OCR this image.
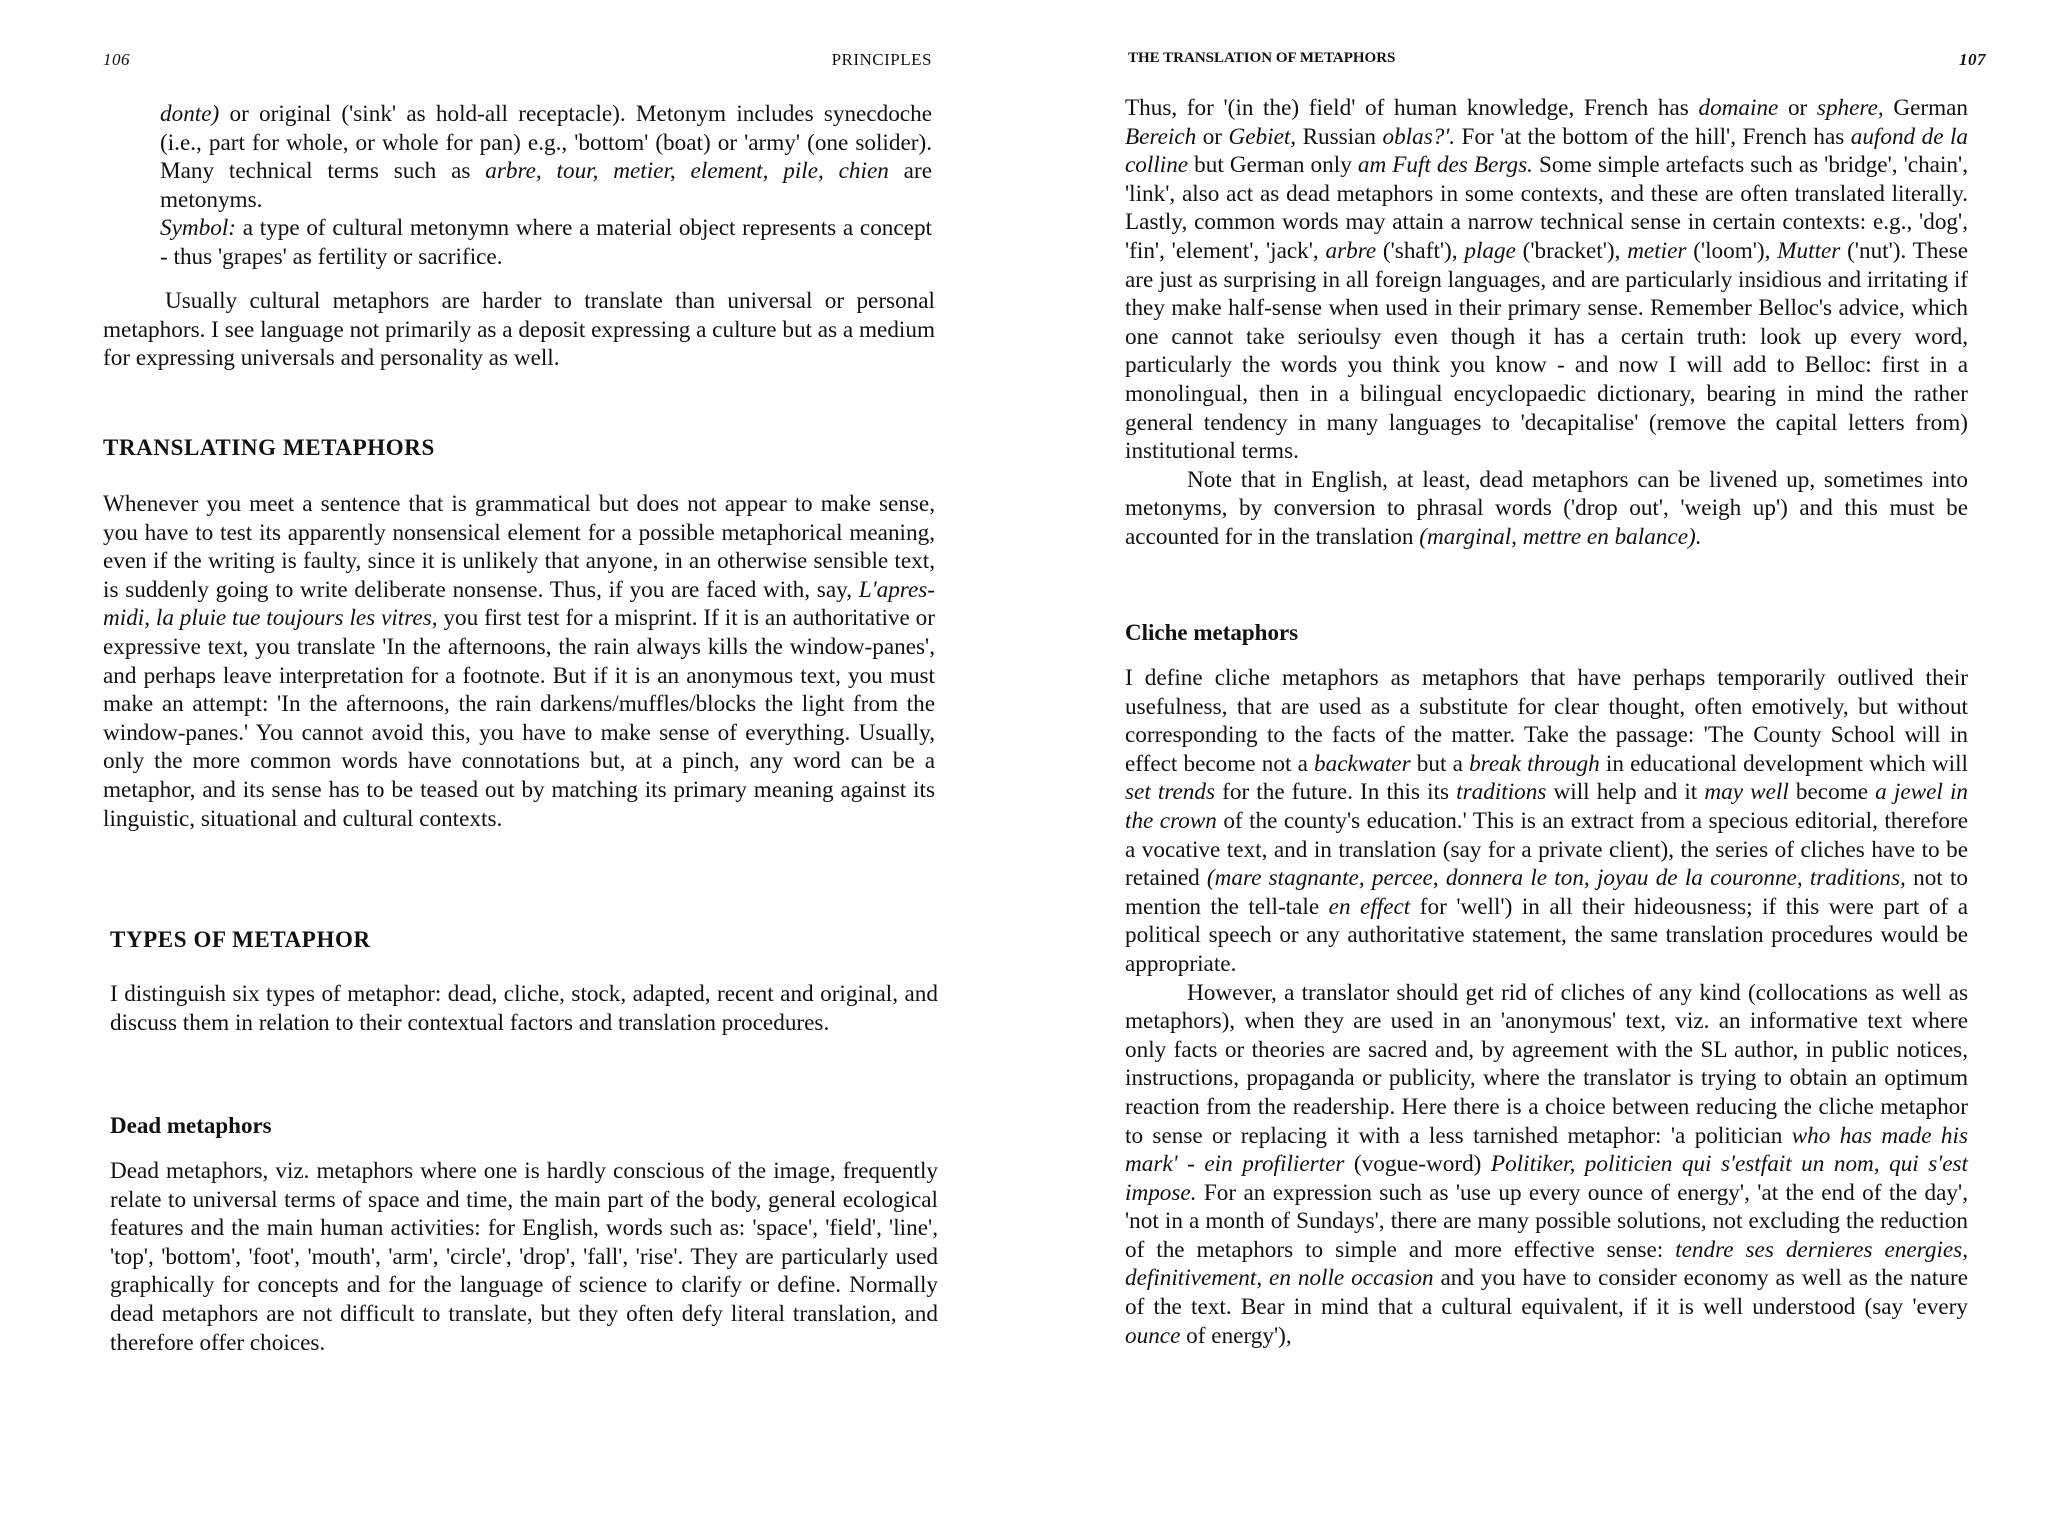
106	PRINCIPLES

donte) or original ('sink' as hold-all receptacle). Metonym includes synecdoche (i.e., part for whole, or whole for pan) e.g., 'bottom' (boat) or 'army' (one solider). Many technical terms such as arbre, tour, metier, element, pile, chien are metonyms.

Symbol: a type of cultural metonymn where a material object represents a concept - thus 'grapes' as fertility or sacrifice.

Usually cultural metaphors are harder to translate than universal or personal metaphors. I see language not primarily as a deposit expressing a culture but as a medium for expressing universals and personality as well.
TRANSLATING METAPHORS
Whenever you meet a sentence that is grammatical but does not appear to make sense, you have to test its apparently nonsensical element for a possible metaphorical meaning, even if the writing is faulty, since it is unlikely that anyone, in an otherwise sensible text, is suddenly going to write deliberate nonsense. Thus, if you are faced with, say, L'apres-midi, la pluie tue toujours les vitres, you first test for a misprint. If it is an authoritative or expressive text, you translate 'In the afternoons, the rain always kills the window-panes', and perhaps leave interpretation for a footnote. But if it is an anonymous text, you must make an attempt: 'In the afternoons, the rain darkens/muffles/blocks the light from the window-panes.' You cannot avoid this, you have to make sense of everything. Usually, only the more common words have connotations but, at a pinch, any word can be a metaphor, and its sense has to be teased out by matching its primary meaning against its linguistic, situational and cultural contexts.
TYPES OF METAPHOR
I distinguish six types of metaphor: dead, cliche, stock, adapted, recent and original, and discuss them in relation to their contextual factors and translation procedures.
Dead metaphors
Dead metaphors, viz. metaphors where one is hardly conscious of the image, frequently relate to universal terms of space and time, the main part of the body, general ecological features and the main human activities: for English, words such as: 'space', 'field', 'line', 'top', 'bottom', 'foot', 'mouth', 'arm', 'circle', 'drop', 'fall', 'rise'. They are particularly used graphically for concepts and for the language of science to clarify or define. Normally dead metaphors are not difficult to translate, but they often defy literal translation, and therefore offer choices.
THE TRANSLATION OF METAPHORS	107

Thus, for '(in the) field' of human knowledge, French has domaine or sphere, German Bereich or Gebiet, Russian oblas?'. For 'at the bottom of the hill', French has aufond de la colline but German only am Fuft des Bergs. Some simple artefacts such as 'bridge', 'chain', 'link', also act as dead metaphors in some contexts, and these are often translated literally. Lastly, common words may attain a narrow technical sense in certain contexts: e.g., 'dog', 'fin', 'element', 'jack', arbre ('shaft'), plage ('bracket'), metier ('loom'), Mutter ('nut'). These are just as surprising in all foreign languages, and are particularly insidious and irritating if they make half-sense when used in their primary sense. Remember Belloc's advice, which one cannot take serioulsy even though it has a certain truth: look up every word, particularly the words you think you know - and now I will add to Belloc: first in a monolingual, then in a bilingual encyclopaedic dictionary, bearing in mind the rather general tendency in many languages to 'decapitalise' (remove the capital letters from) institutional terms.

Note that in English, at least, dead metaphors can be livened up, sometimes into metonyms, by conversion to phrasal words ('drop out', 'weigh up') and this must be accounted for in the translation (marginal, mettre en balance).

Cliche metaphors

I define cliche metaphors as metaphors that have perhaps temporarily outlived their usefulness, that are used as a substitute for clear thought, often emotively, but without corresponding to the facts of the matter. Take the passage: 'The County School will in effect become not a backwater but a break through in educational development which will set trends for the future. In this its traditions will help and it may well become a jewel in the crown of the county's education.' This is an extract from a specious editorial, therefore a vocative text, and in translation (say for a private client), the series of cliches have to be retained (mare stagnante, percee, donnera le ton, joyau de la couronne, traditions, not to mention the tell-tale en effect for 'well') in all their hideousness; if this were part of a political speech or any authoritative statement, the same translation procedures would be appropriate.

However, a translator should get rid of cliches of any kind (collocations as well as metaphors), when they are used in an 'anonymous' text, viz. an informative text where only facts or theories are sacred and, by agreement with the SL author, in public notices, instructions, propaganda or publicity, where the translator is trying to obtain an optimum reaction from the readership. Here there is a choice between reducing the cliche metaphor to sense or replacing it with a less tarnished metaphor: 'a politician who has made his mark' - ein profilierter (vogue-word) Politiker, politicien qui s'estfait un nom, qui s'est impose. For an expression such as 'use up every ounce of energy', 'at the end of the day', 'not in a month of Sundays', there are many possible solutions, not excluding the reduction of the metaphors to simple and more effective sense: tendre ses dernieres energies, definitivement, en nolle occasion and you have to consider economy as well as the nature of the text. Bear in mind that a cultural equivalent, if it is well understood (say 'every ounce of energy'),
